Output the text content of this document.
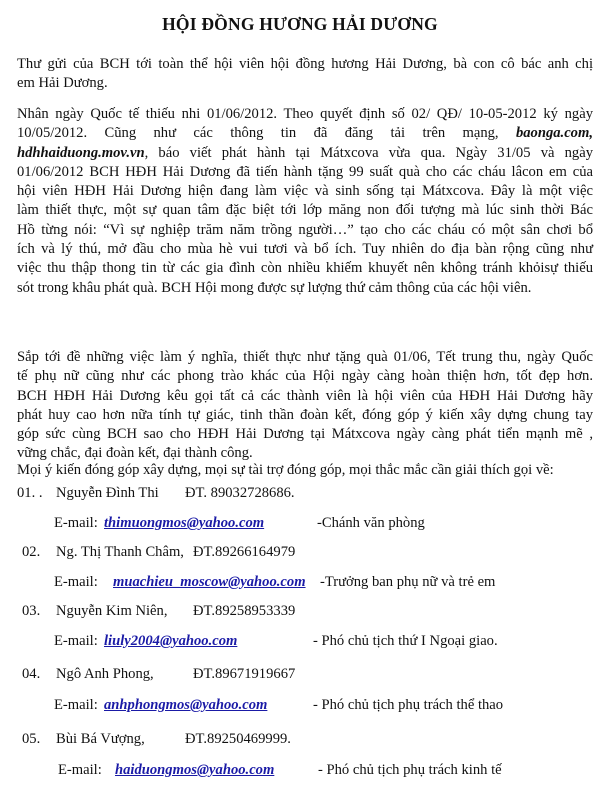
HỘI ĐỒNG HƯƠNG HẢI DƯƠNG
Thư gửi của BCH tới toàn thể hội viên hội đồng hương Hải Dương, bà con cô bác anh chị
em Hải Dương.
Nhân ngày Quốc tế thiếu nhi 01/06/2012. Theo quyết định số 02/ QĐ/ 10-05-2012 ký ngày
10/05/2012. Cũng như các thông tin đã đăng tải trên mạng, baonga.com,
hdhhaiduong.mov.vn, báo viết phát hành tại Mátxcova vừa qua. Ngày 31/05 và ngày
01/06/2012 BCH HĐH Hải Dương đã tiến hành tặng 99 suất quà cho các cháu lâcon em của
hội viên HĐH Hải Dương hiện đang làm việc và sinh sống tại Mátxcova. Đây là một việc
làm thiết thực, một sự quan tâm đặc biệt tới lớp măng non đối tượng mà lúc sinh thời Bác
Hồ từng nói: “Vì sự nghiệp trăm năm trồng người…” tạo cho các cháu có một sân chơi bổ
ích và lý thú, mở đầu cho mùa hè vui tươi và bổ ích. Tuy nhiên do địa bàn rộng cũng như
việc thu thập thong tin từ các gia đình còn nhiều khiếm khuyết nên không tránh khỏisự thiếu
sót trong khâu phát quà. BCH Hội mong được sự lượng thứ cảm thông của các hội viên.
Sắp tới đề những việc làm ý nghĩa, thiết thực như tặng quà 01/06, Tết trung thu, ngày Quốc
tế phụ nữ cũng như các phong trào khác của Hội ngày càng hoàn thiện hơn, tốt đẹp hơn.
BCH HĐH Hải Dương kêu gọi tất cả các thành viên là hội viên của HĐH Hải Dương hãy
phát huy cao hơn nữa tính tự giác, tinh thần đoàn kết, đóng góp ý kiến xây dựng chung tay
góp sức cùng BCH sao cho HĐH Hải Dương tại Mátxcova ngày càng phát tiển mạnh mẽ ,
vững chắc, đại đoàn kết, đại thành công.
Mọi ý kiến đóng góp xây dựng, mọi sự tài trợ đóng góp, mọi thắc mắc cần giải thích gọi về:
01. . Nguyễn Đình Thi ĐT. 89032728686.
E-mail: thimuongmos@yahoo.com	-Chánh văn phòng
02. Ng. Thị Thanh Châm, ĐT.89266164979
E-mail: muachieu_moscow@yahoo.com -Trưởng ban phụ nữ và trẻ em
03. Nguyễn Kim Niên, ĐT.89258953339
E-mail: liuly2004@yahoo.com	- Phó chủ tịch thứ I Ngoại giao.
04. Ngô Anh Phong,	ĐT.89671919667
E-mail: anhphongmos@yahoo.com	- Phó chủ tịch phụ trách thể thao
05. Bùi Bá Vượng,	ĐT.89250469999.
E-mail: haiduongmos@yahoo.com	- Phó chủ tịch phụ trách kinh tế
